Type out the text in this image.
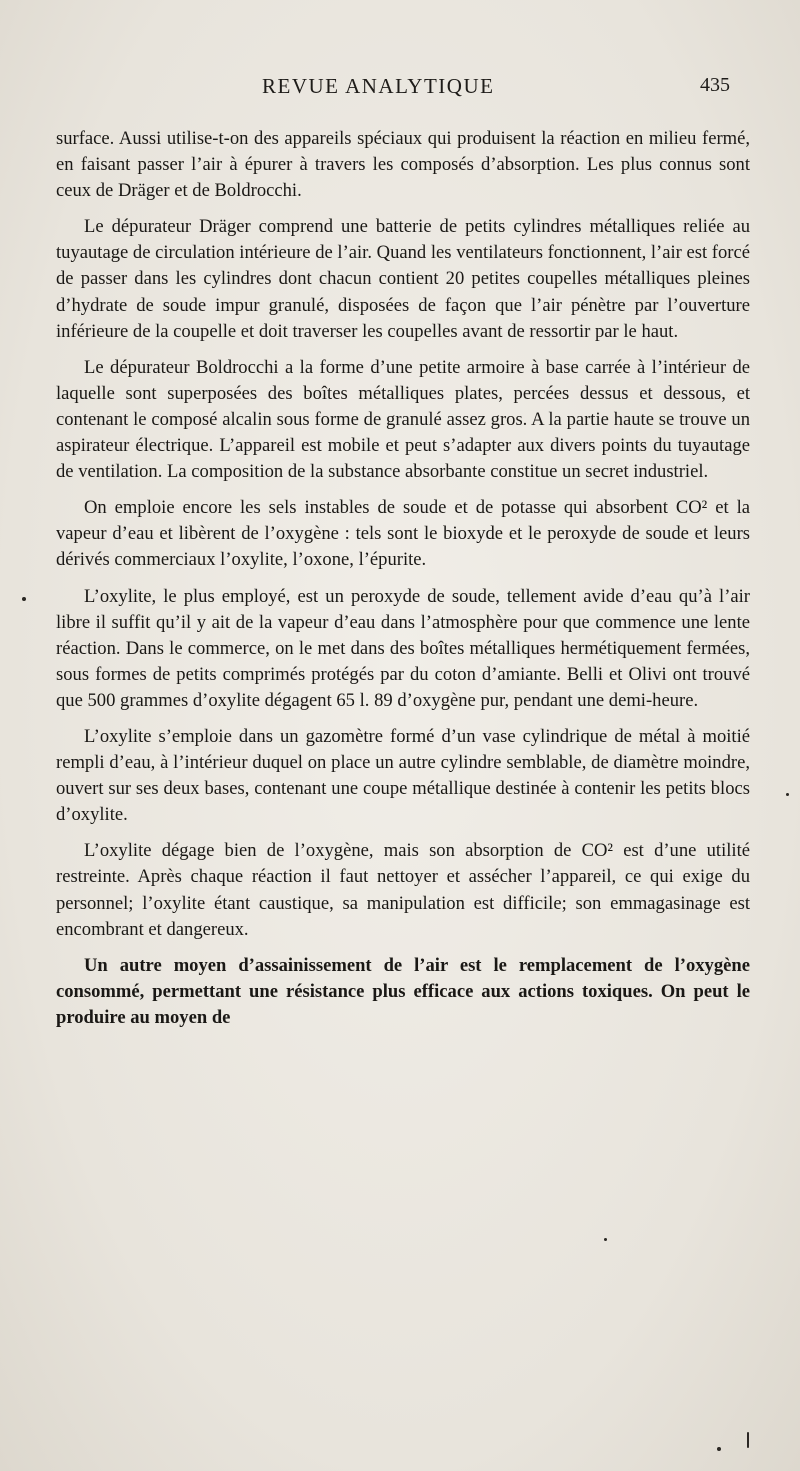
REVUE ANALYTIQUE	435

surface. Aussi utilise-t-on des appareils spéciaux qui produisent la réaction en milieu fermé, en faisant passer l’air à épurer à travers les composés d’absorption. Les plus connus sont ceux de Dräger et de Boldrocchi.

Le dépurateur Dräger comprend une batterie de petits cylindres métalliques reliée au tuyautage de circulation intérieure de l’air. Quand les ventilateurs fonctionnent, l’air est forcé de passer dans les cylindres dont chacun contient 20 petites coupelles métalliques pleines d’hydrate de soude impur granulé, disposées de façon que l’air pénètre par l’ouverture inférieure de la coupelle et doit traverser les coupelles avant de ressortir par le haut.

Le dépurateur Boldrocchi a la forme d’une petite armoire à base carrée à l’intérieur de laquelle sont superposées des boîtes métalliques plates, percées dessus et dessous, et contenant le composé alcalin sous forme de granulé assez gros. A la partie haute se trouve un aspirateur électrique. L’appareil est mobile et peut s’adapter aux divers points du tuyautage de ventilation. La composition de la substance absorbante constitue un secret industriel.

On emploie encore les sels instables de soude et de potasse qui absorbent CO² et la vapeur d’eau et libèrent de l’oxygène : tels sont le bioxyde et le peroxyde de soude et leurs dérivés commerciaux l’oxylite, l’oxone, l’épurite.

L’oxylite, le plus employé, est un peroxyde de soude, tellement avide d’eau qu’à l’air libre il suffit qu’il y ait de la vapeur d’eau dans l’atmosphère pour que commence une lente réaction. Dans le commerce, on le met dans des boîtes métalliques hermétiquement fermées, sous formes de petits comprimés protégés par du coton d’amiante. Belli et Olivi ont trouvé que 500 grammes d’oxylite dégagent 65 l. 89 d’oxygène pur, pendant une demi-heure.

L’oxylite s’emploie dans un gazomètre formé d’un vase cylindrique de métal à moitié rempli d’eau, à l’intérieur duquel on place un autre cylindre semblable, de diamètre moindre, ouvert sur ses deux bases, contenant une coupe métallique destinée à contenir les petits blocs d’oxylite.

L’oxylite dégage bien de l’oxygène, mais son absorption de CO² est d’une utilité restreinte. Après chaque réaction il faut nettoyer et assécher l’appareil, ce qui exige du personnel; l’oxylite étant caustique, sa manipulation est difficile; son emmagasinage est encombrant et dangereux.

Un autre moyen d’assainissement de l’air est le remplacement de l’oxygène consommé, permettant une résistance plus efficace aux actions toxiques. On peut le produire au moyen de
